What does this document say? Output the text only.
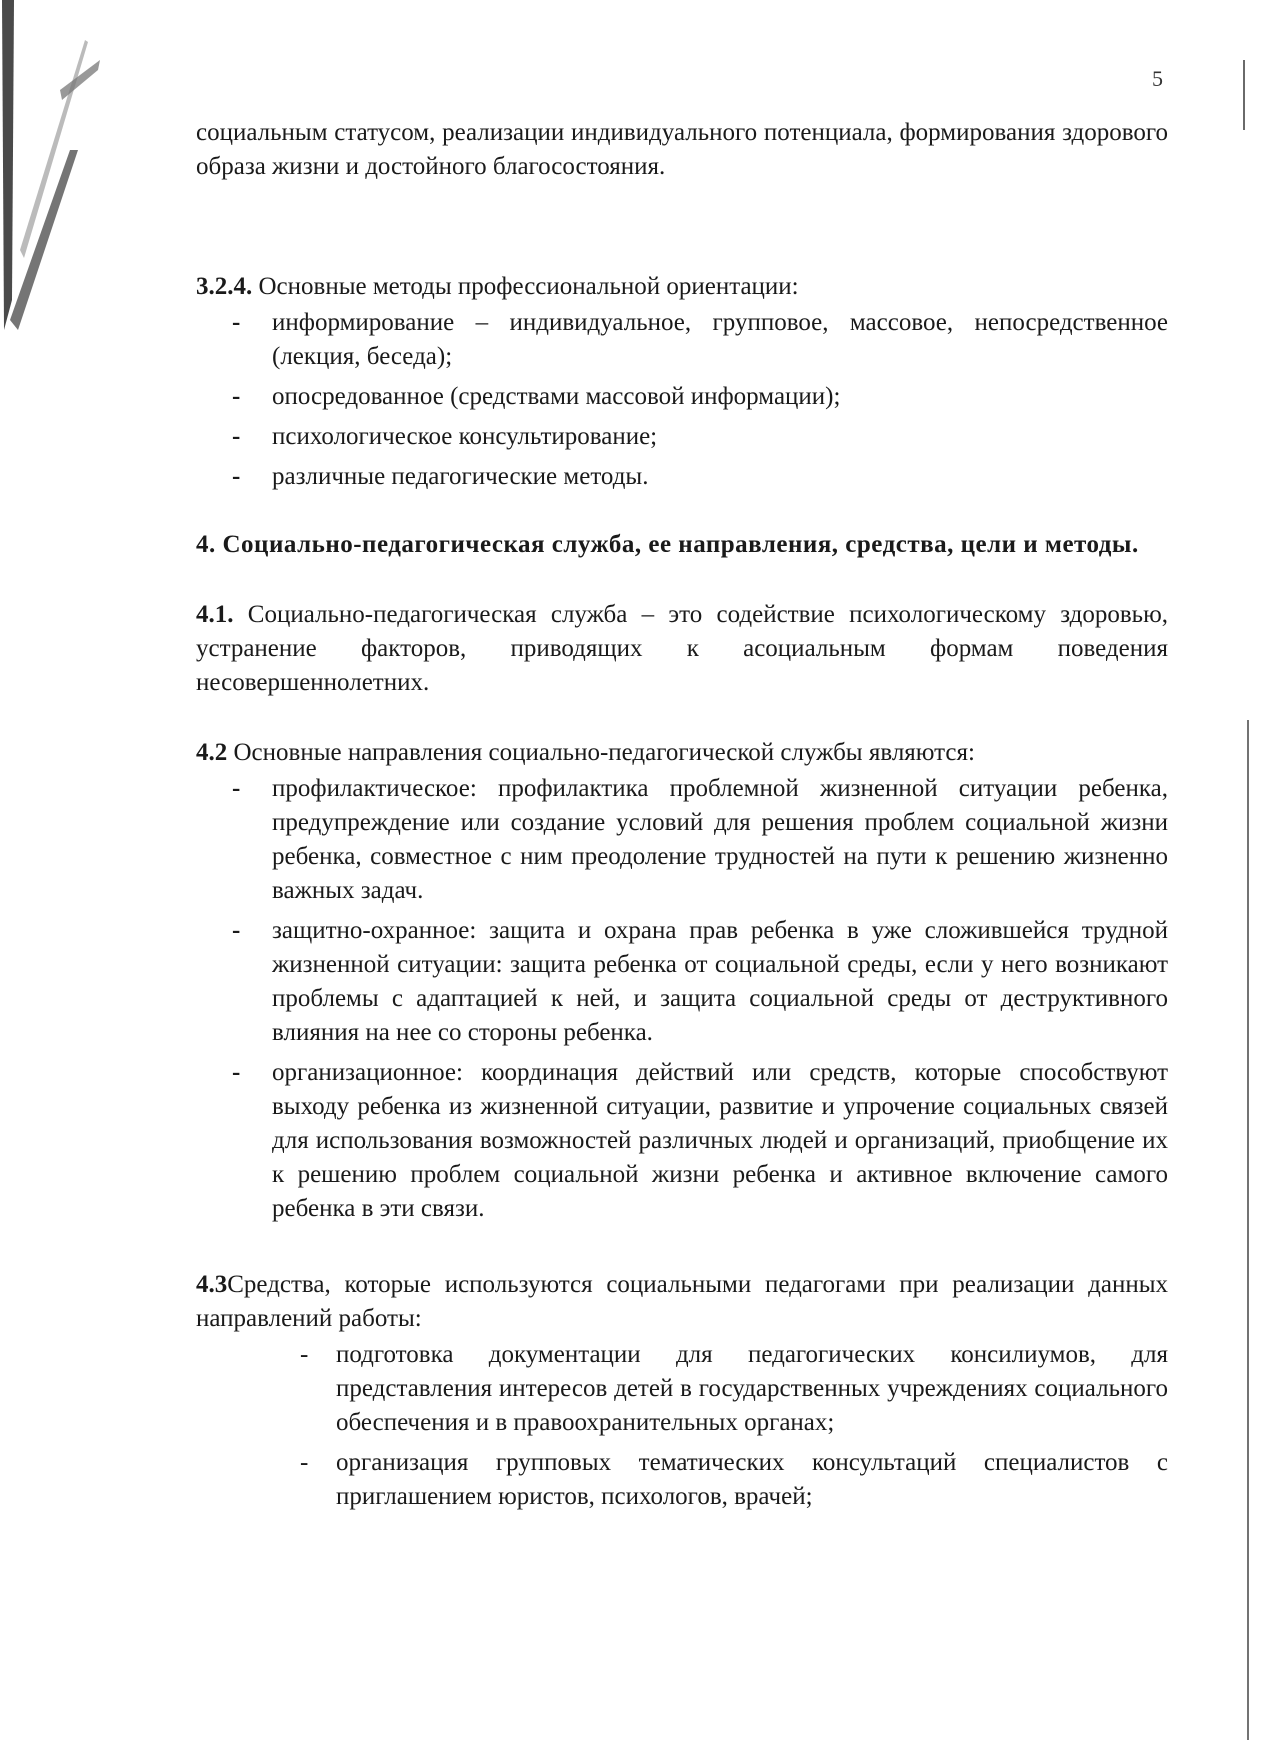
5

социальным статусом, реализации индивидуального потенциала, формирования здорового образа жизни и достойного благосостояния.

3.2.4. Основные методы профессиональной ориентации:

- информирование – индивидуальное, групповое, массовое, непосредственное (лекция, беседа);
- опосредованное (средствами массовой информации);
- психологическое консультирование;
- различные педагогические методы.

4. Социально-педагогическая служба, ее направления, средства, цели и методы.

4.1. Социально-педагогическая служба – это содействие психологическому здоровью, устранение факторов, приводящих к асоциальным формам поведения несовершеннолетних.

4.2 Основные направления социально-педагогической службы являются:

- профилактическое: профилактика проблемной жизненной ситуации ребенка, предупреждение или создание условий для решения проблем социальной жизни ребенка, совместное с ним преодоление трудностей на пути к решению жизненно важных задач.
- защитно-охранное: защита и охрана прав ребенка в уже сложившейся трудной жизненной ситуации: защита ребенка от социальной среды, если у него возникают проблемы с адаптацией к ней, и защита социальной среды от деструктивного влияния на нее со стороны ребенка.
- организационное: координация действий или средств, которые способствуют выходу ребенка из жизненной ситуации, развитие и упрочение социальных связей для использования возможностей различных людей и организаций, приобщение их к решению проблем социальной жизни ребенка и активное включение самого ребенка в эти связи.

4.3Средства, которые используются социальными педагогами при реализации данных направлений работы:

- подготовка документации для педагогических консилиумов, для представления интересов детей в государственных учреждениях социального обеспечения и в правоохранительных органах;
- организация групповых тематических консультаций специалистов с приглашением юристов, психологов, врачей;
